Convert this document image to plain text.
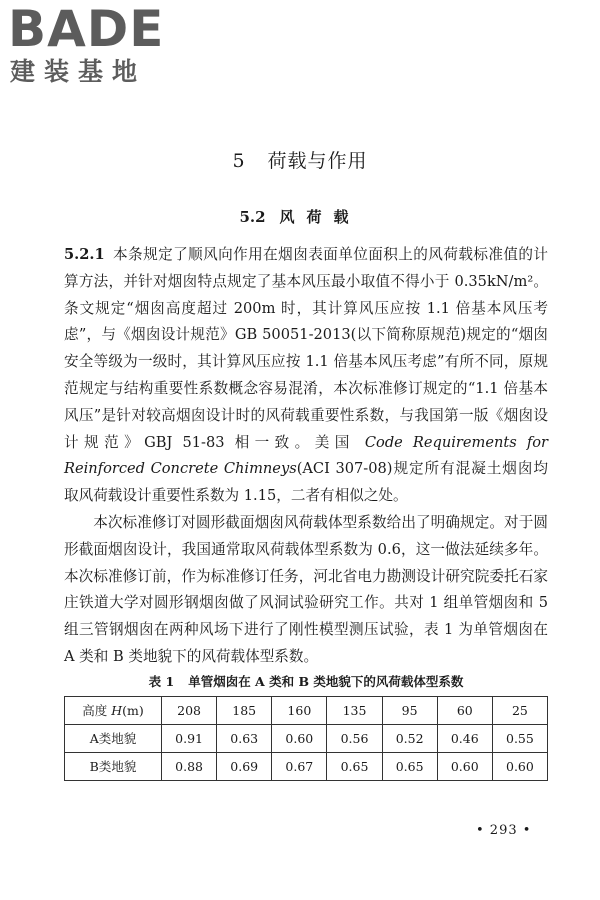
BADE
建装基地
5 荷载与作用
5.2 风荷载

5.2.1 本条规定了顺风向作用在烟囱表面单位面积上的风荷载标准值的计算方法，并针对烟囱特点规定了基本风压最小取值不得小于 0.35kN/m²。条文规定“烟囱高度超过 200m 时，其计算风压应按 1.1 倍基本风压考虑”，与《烟囱设计规范》GB 50051-2013(以下简称原规范)规定的“烟囱安全等级为一级时，其计算风压应按 1.1 倍基本风压考虑”有所不同，原规范规定与结构重要性系数概念容易混淆，本次标准修订规定的“1.1 倍基本风压”是针对较高烟囱设计时的风荷载重要性系数，与我国第一版《烟囱设计规范》GBJ 51-83 相一致。美国 Code Requirements for Reinforced Concrete Chimneys(ACI 307-08)规定所有混凝土烟囱均取风荷载设计重要性系数为 1.15，二者有相似之处。

本次标准修订对圆形截面烟囱风荷载体型系数给出了明确规定。对于圆形截面烟囱设计，我国通常取风荷载体型系数为 0.6，这一做法延续多年。本次标准修订前，作为标准修订任务，河北省电力勘测设计研究院委托石家庄铁道大学对圆形钢烟囱做了风洞试验研究工作。共对 1 组单管烟囱和 5 组三管钢烟囱在两种风场下进行了刚性模型测压试验，表 1 为单管烟囱在 A 类和 B 类地貌下的风荷载体型系数。

表 1 单管烟囱在 A 类和 B 类地貌下的风荷载体型系数
高度 H(m)	208	185	160	135	95	60	25
A类地貌	0.91	0.63	0.60	0.56	0.52	0.46	0.55
B类地貌	0.88	0.69	0.67	0.65	0.65	0.60	0.60
• 293 •
